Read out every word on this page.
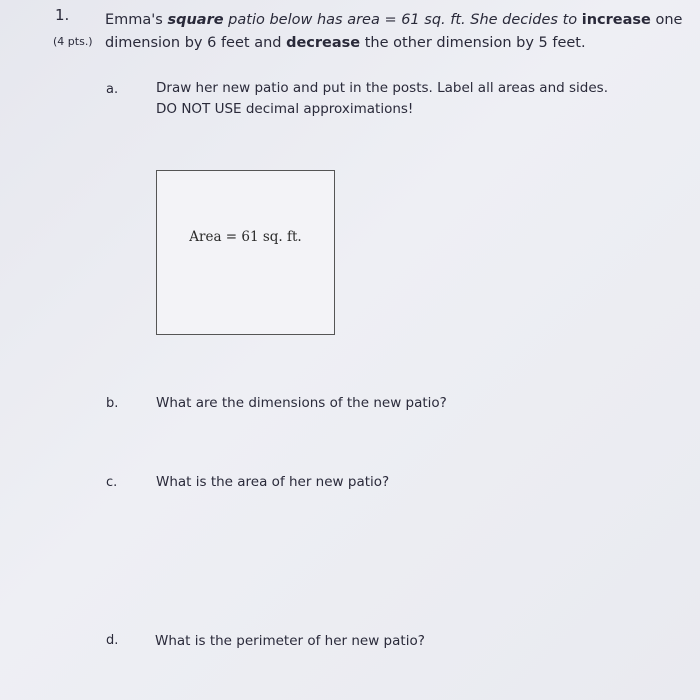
1.
(4 pts.)
Emma's square patio below has area = 61 sq. ft. She decides to increase one
dimension by 6 feet and decrease the other dimension by 5 feet.
a.	Draw her new patio and put in the posts. Label all areas and sides.
DO NOT USE decimal approximations!
Area = 61 sq. ft.
b.	What are the dimensions of the new patio?
c.	What is the area of her new patio?
d.	What is the perimeter of her new patio?
